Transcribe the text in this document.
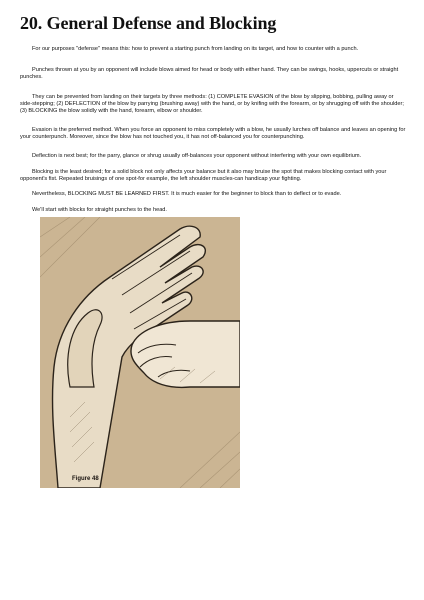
20. General Defense and Blocking

For our purposes "defense" means this: how to prevent a starting punch from landing on its target, and how to counter with a punch.

Punches thrown at you by an opponent will include blows aimed for head or body with either hand. They can be swings, hooks, uppercuts or straight punches.

They can be prevented from landing on their targets by three methods: (1) COMPLETE EVASION of the blow by slipping, bobbing, pulling away or side-stepping; (2) DEFLECTION of the blow by parrying (brushing away) with the hand, or by knifing with the forearm, or by shrugging off with the shoulder; (3) BLOCKING the blow solidly with the hand, forearm, elbow or shoulder.

Evasion is the preferred method. When you force an opponent to miss completely with a blow, he usually lurches off balance and leaves an opening for your counterpunch. Moreover, since the blow has not touched you, it has not off-balanced you for counterpunching.

Deflection is next best; for the parry, glance or shrug usually off-balances your opponent without interfering with your own equilibrium.

Blocking is the least desired; for a solid block not only affects your balance but it also may bruise the spot that makes blocking contact with your opponent's fist. Repeated bruisings of one spot-for example, the left shoulder muscles-can handicap your fighting.

Nevertheless, BLOCKING MUST BE LEARNED FIRST. It is much easier for the beginner to block than to deflect or to evade.

We'll start with blocks for straight punches to the head.

Figure 48
